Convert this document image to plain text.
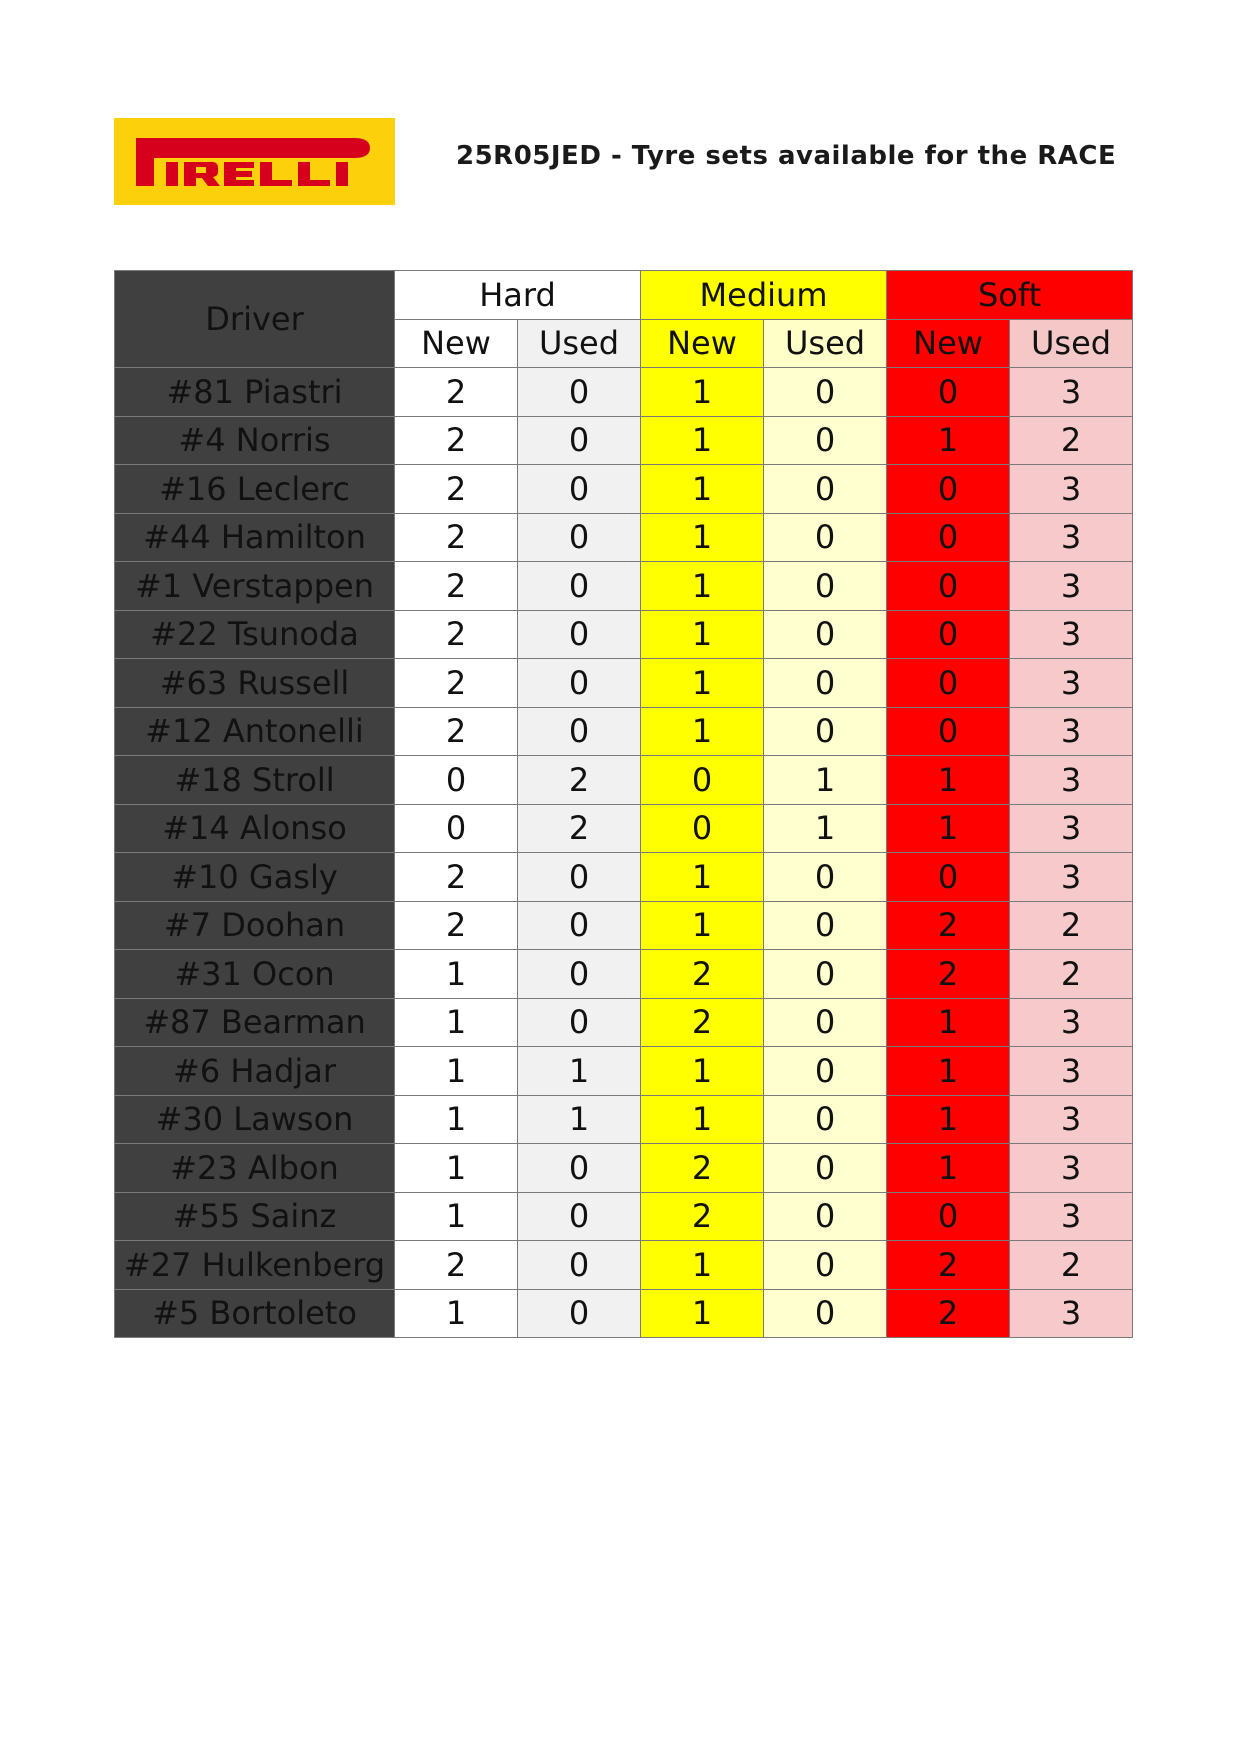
25R05JED - Tyre sets available for the RACE
Driver	Hard		Medium		Soft	
	New	Used	New	Used	New	Used
#81 Piastri	2	0	1	0	0	3
#4 Norris	2	0	1	0	1	2
#16 Leclerc	2	0	1	0	0	3
#44 Hamilton	2	0	1	0	0	3
#1 Verstappen	2	0	1	0	0	3
#22 Tsunoda	2	0	1	0	0	3
#63 Russell	2	0	1	0	0	3
#12 Antonelli	2	0	1	0	0	3
#18 Stroll	0	2	0	1	1	3
#14 Alonso	0	2	0	1	1	3
#10 Gasly	2	0	1	0	0	3
#7 Doohan	2	0	1	0	2	2
#31 Ocon	1	0	2	0	2	2
#87 Bearman	1	0	2	0	1	3
#6 Hadjar	1	1	1	0	1	3
#30 Lawson	1	1	1	0	1	3
#23 Albon	1	0	2	0	1	3
#55 Sainz	1	0	2	0	0	3
#27 Hulkenberg	2	0	1	0	2	2
#5 Bortoleto	1	0	1	0	2	3
